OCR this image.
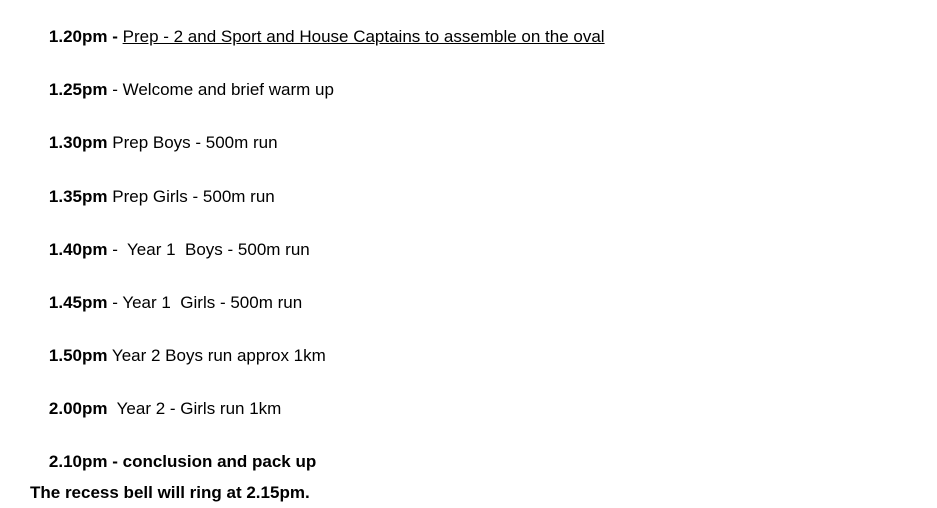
1.20pm - Prep - 2 and Sport and House Captains to assemble on the oval

1.25pm - Welcome and brief warm up

1.30pm Prep Boys - 500m run

1.35pm Prep Girls - 500m run

1.40pm -  Year 1  Boys - 500m run

1.45pm - Year 1  Girls - 500m run

1.50pm Year 2 Boys run approx 1km

2.00pm Year 2 - Girls run 1km

2.10pm - conclusion and pack up

The recess bell will ring at 2.15pm.
